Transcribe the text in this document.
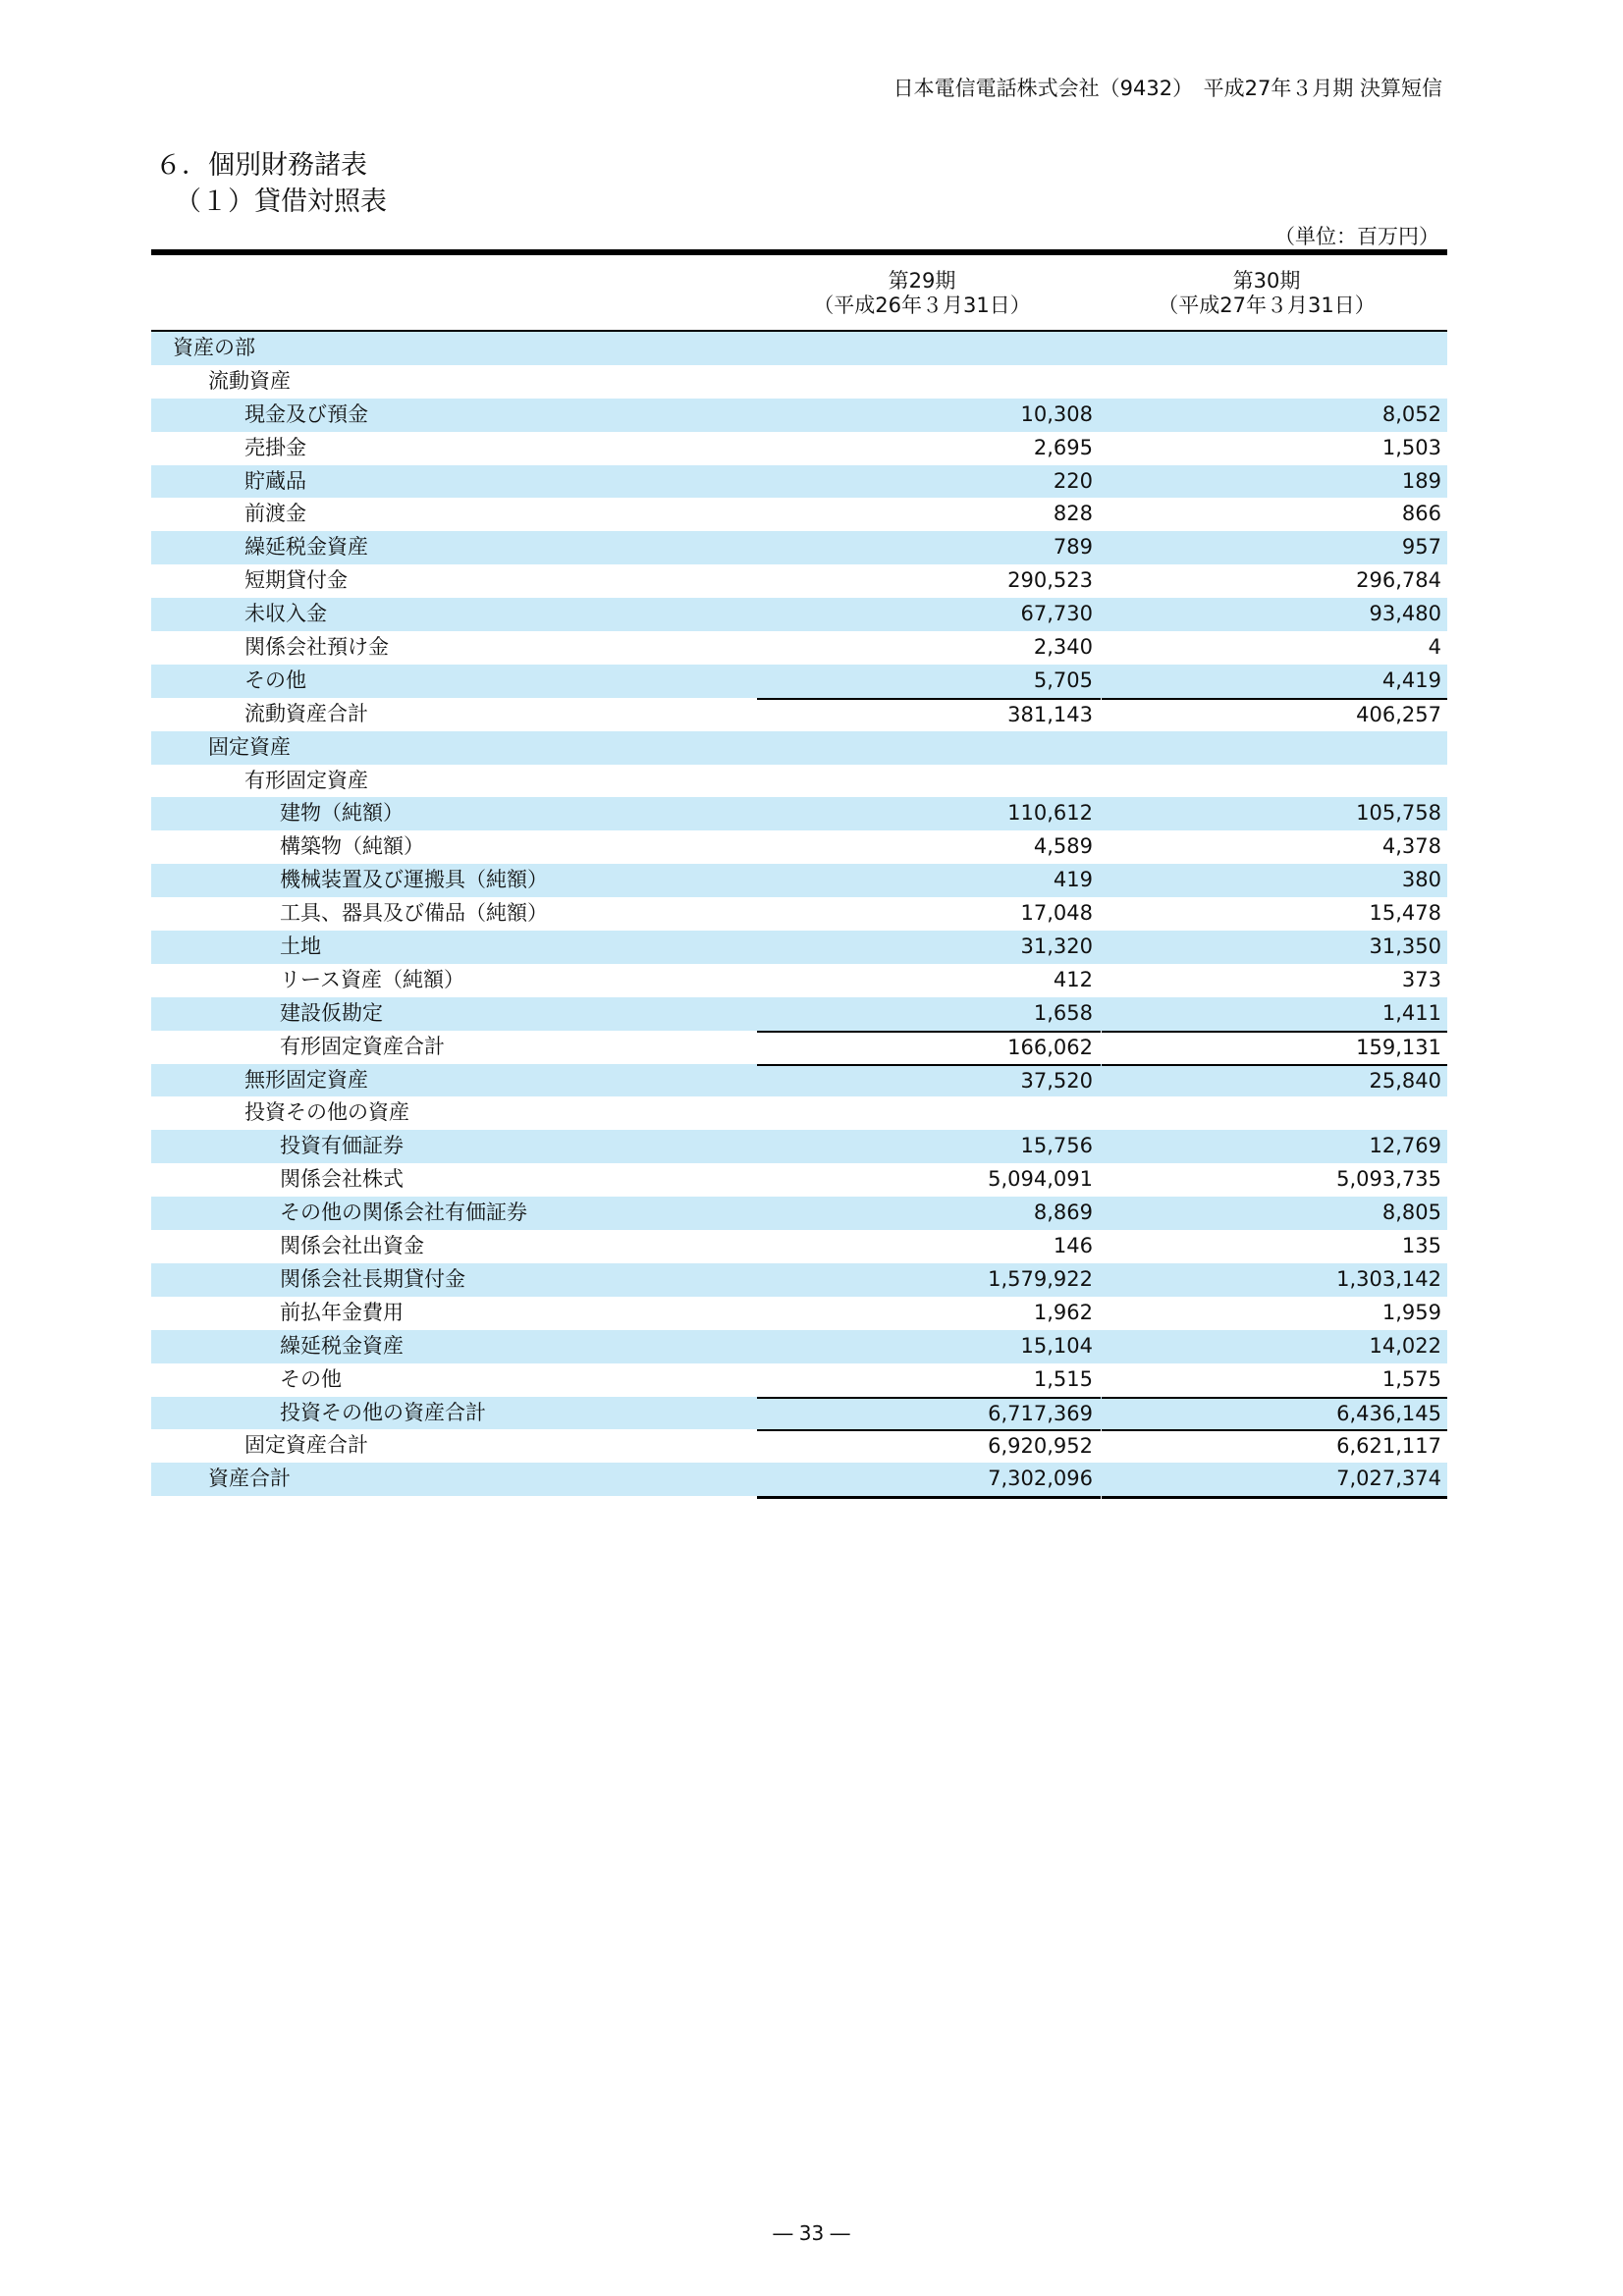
日本電信電話株式会社（9432）　平成27年３月期 決算短信
６．個別財務諸表
（１）貸借対照表
（単位：百万円）
第29期
（平成26年３月31日）
第30期
（平成27年３月31日）
資産の部
流動資産
現金及び預金	10,308	8,052
売掛金	2,695	1,503
貯蔵品	220	189
前渡金	828	866
繰延税金資産	789	957
短期貸付金	290,523	296,784
未収入金	67,730	93,480
関係会社預け金	2,340	4
その他	5,705	4,419
流動資産合計	381,143	406,257
固定資産
有形固定資産
建物（純額）	110,612	105,758
構築物（純額）	4,589	4,378
機械装置及び運搬具（純額）	419	380
工具、器具及び備品（純額）	17,048	15,478
土地	31,320	31,350
リース資産（純額）	412	373
建設仮勘定	1,658	1,411
有形固定資産合計	166,062	159,131
無形固定資産	37,520	25,840
投資その他の資産
投資有価証券	15,756	12,769
関係会社株式	5,094,091	5,093,735
その他の関係会社有価証券	8,869	8,805
関係会社出資金	146	135
関係会社長期貸付金	1,579,922	1,303,142
前払年金費用	1,962	1,959
繰延税金資産	15,104	14,022
その他	1,515	1,575
投資その他の資産合計	6,717,369	6,436,145
固定資産合計	6,920,952	6,621,117
資産合計	7,302,096	7,027,374
― 33 ―
